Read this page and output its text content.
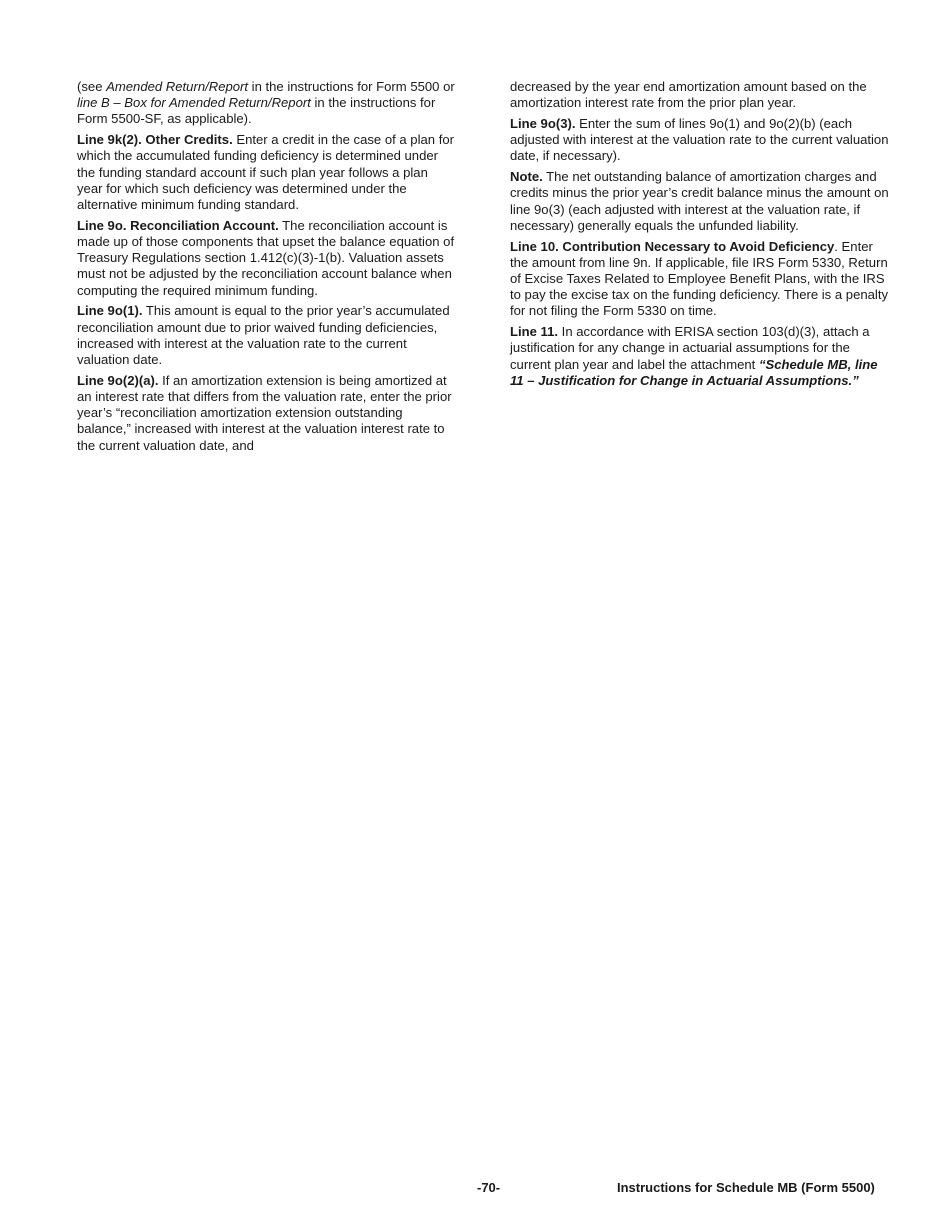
(see Amended Return/Report in the instructions for Form 5500 or line B – Box for Amended Return/Report in the instructions for Form 5500-SF, as applicable).

Line 9k(2). Other Credits. Enter a credit in the case of a plan for which the accumulated funding deficiency is determined under the funding standard account if such plan year follows a plan year for which such deficiency was determined under the alternative minimum funding standard.

Line 9o. Reconciliation Account. The reconciliation account is made up of those components that upset the balance equation of Treasury Regulations section 1.412(c)(3)-1(b). Valuation assets must not be adjusted by the reconciliation account balance when computing the required minimum funding.

Line 9o(1). This amount is equal to the prior year’s accumulated reconciliation amount due to prior waived funding deficiencies, increased with interest at the valuation rate to the current valuation date.

Line 9o(2)(a). If an amortization extension is being amortized at an interest rate that differs from the valuation rate, enter the prior year’s “reconciliation amortization extension outstanding balance,” increased with interest at the valuation interest rate to the current valuation date, and

decreased by the year end amortization amount based on the amortization interest rate from the prior plan year.

Line 9o(3). Enter the sum of lines 9o(1) and 9o(2)(b) (each adjusted with interest at the valuation rate to the current valuation date, if necessary).

Note. The net outstanding balance of amortization charges and credits minus the prior year’s credit balance minus the amount on line 9o(3) (each adjusted with interest at the valuation rate, if necessary) generally equals the unfunded liability.

Line 10. Contribution Necessary to Avoid Deficiency. Enter the amount from line 9n. If applicable, file IRS Form 5330, Return of Excise Taxes Related to Employee Benefit Plans, with the IRS to pay the excise tax on the funding deficiency. There is a penalty for not filing the Form 5330 on time.

Line 11. In accordance with ERISA section 103(d)(3), attach a justification for any change in actuarial assumptions for the current plan year and label the attachment “Schedule MB, line 11 – Justification for Change in Actuarial Assumptions.”

-70-	Instructions for Schedule MB (Form 5500)
